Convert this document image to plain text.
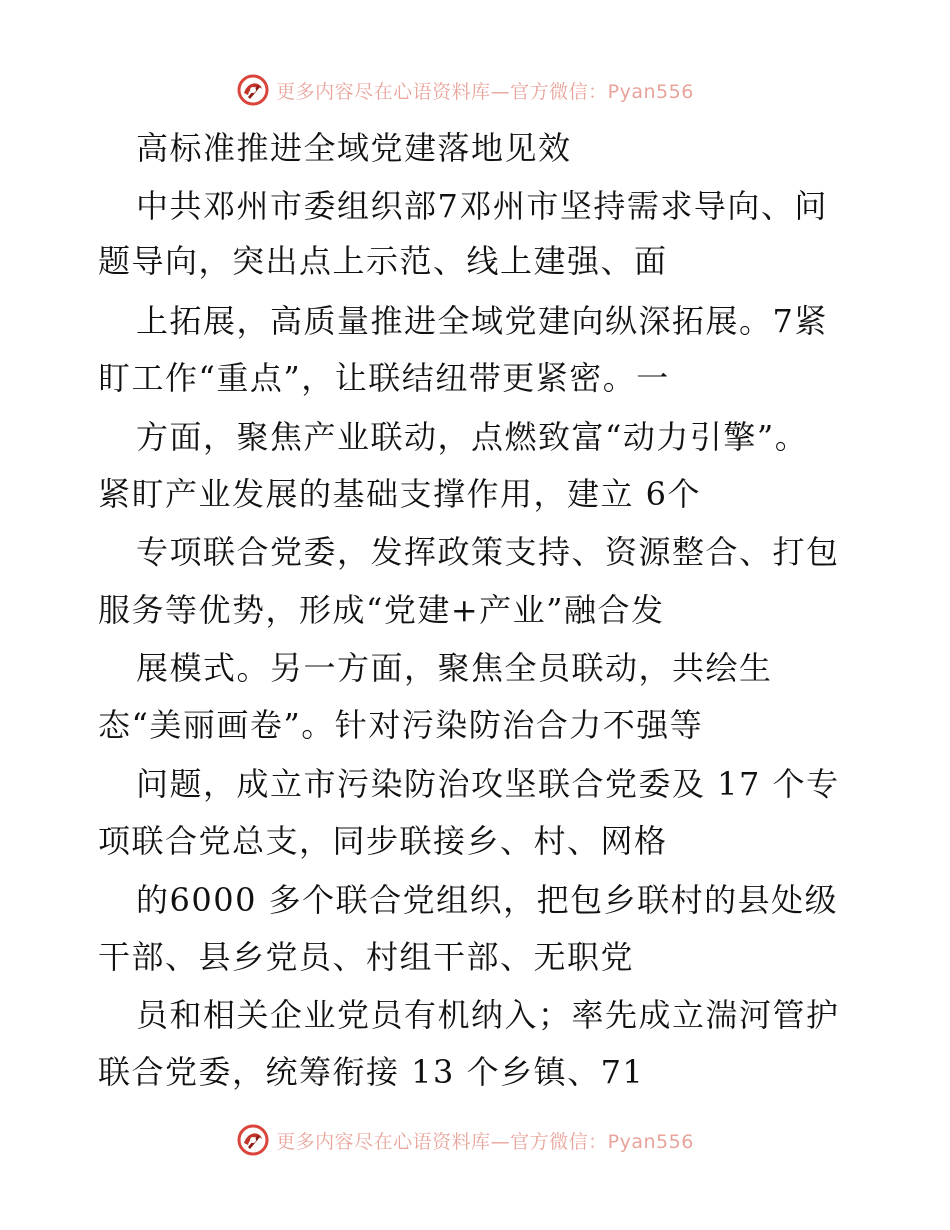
更多内容尽在心语资料库—官方微信：Pyan556
高标准推进全域党建落地见效
中共邓州市委组织部7邓州市坚持需求导向、问
题导向，突出点上示范、线上建强、面
上拓展，高质量推进全域党建向纵深拓展。7紧
盯工作“重点”，让联结纽带更紧密。一
方面，聚焦产业联动，点燃致富“动力引擎”。
紧盯产业发展的基础支撑作用，建立 6个
专项联合党委，发挥政策支持、资源整合、打包
服务等优势，形成“党建+产业”融合发
展模式。另一方面，聚焦全员联动，共绘生
态“美丽画卷”。针对污染防治合力不强等
问题，成立市污染防治攻坚联合党委及 17 个专
项联合党总支，同步联接乡、村、网格
的6000 多个联合党组织，把包乡联村的县处级
干部、县乡党员、村组干部、无职党
员和相关企业党员有机纳入；率先成立湍河管护
联合党委，统筹衔接 13 个乡镇、71
更多内容尽在心语资料库—官方微信：Pyan556
